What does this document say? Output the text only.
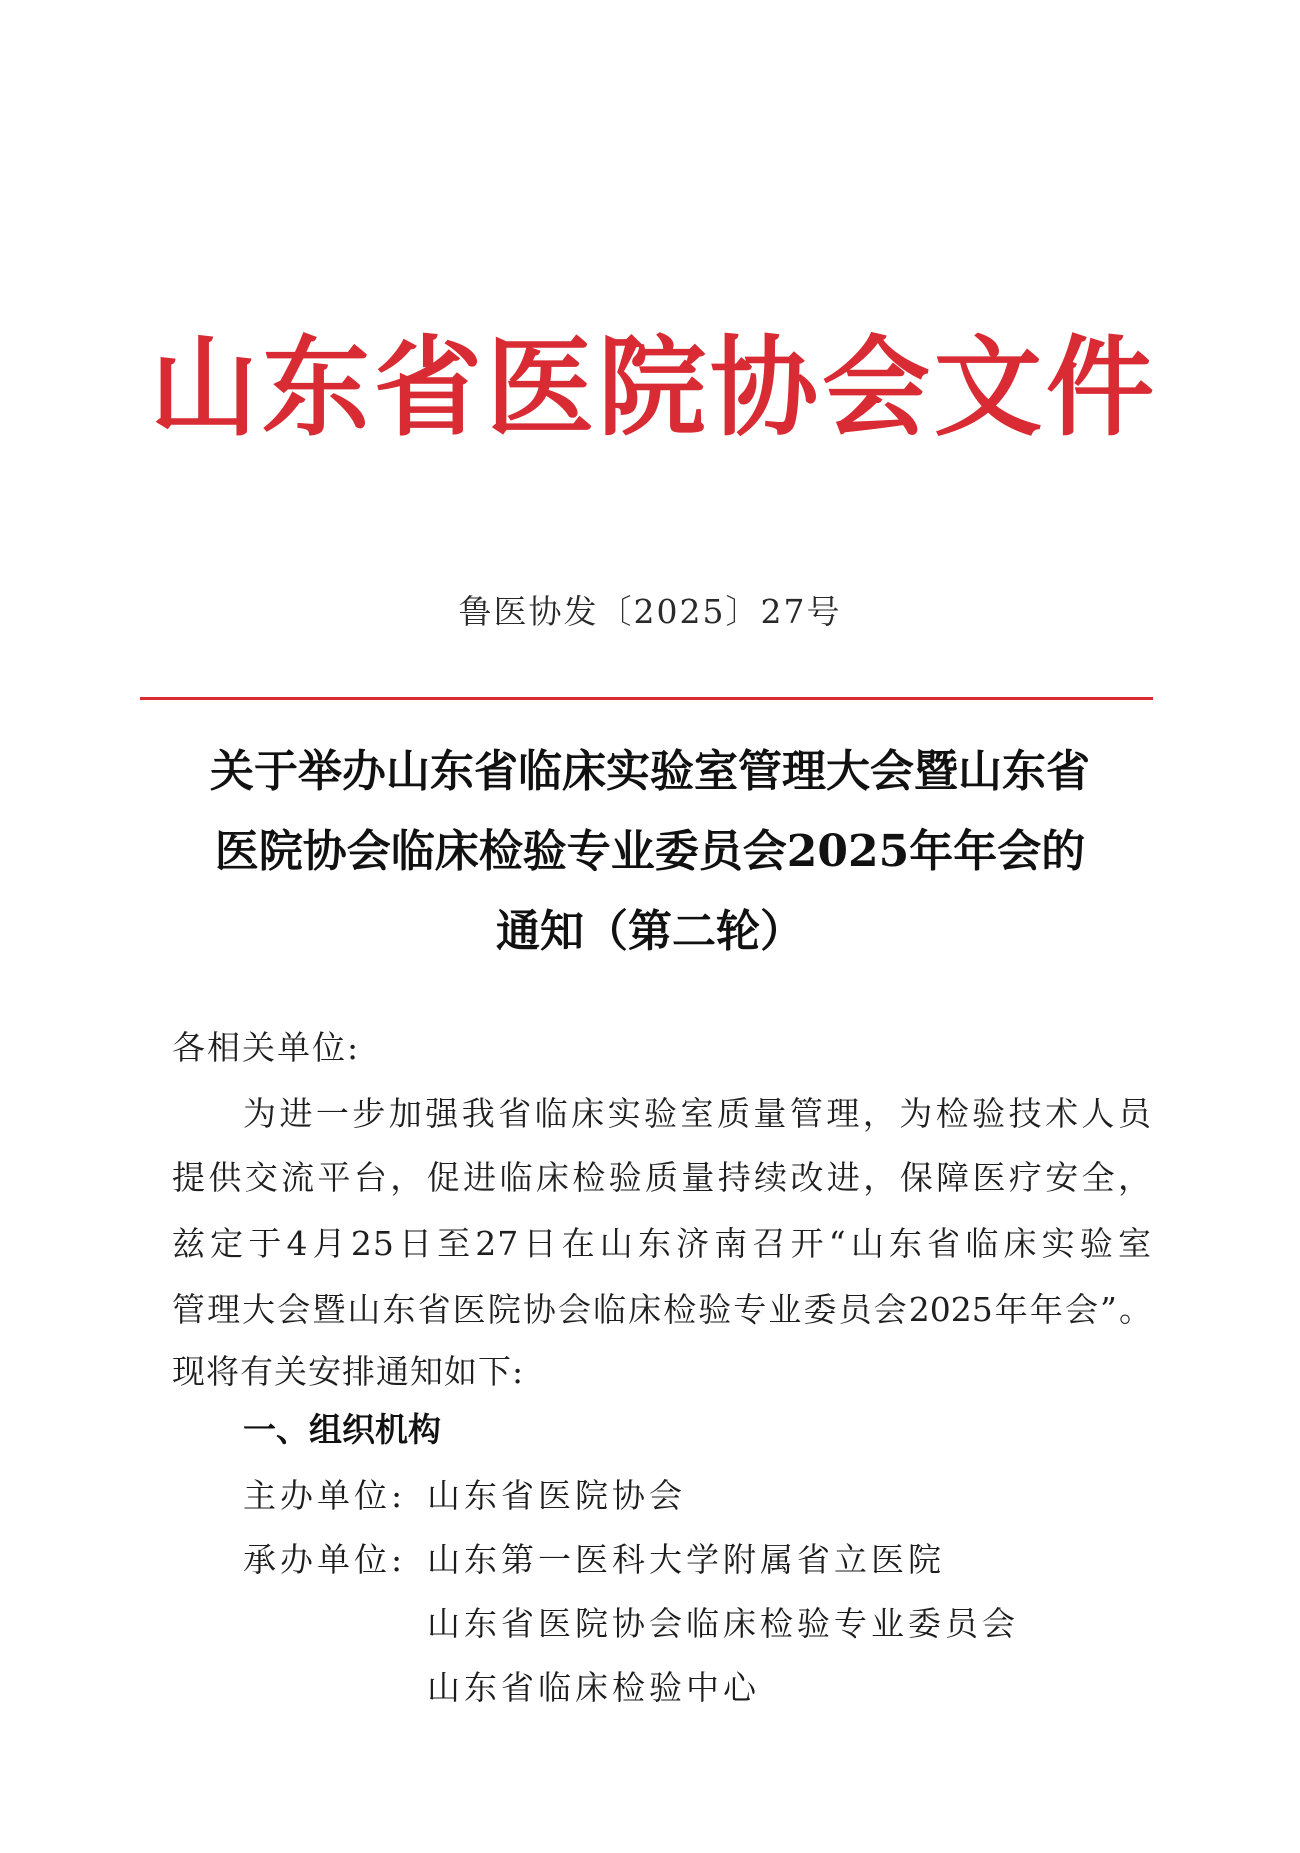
山东省医院协会文件
鲁医协发〔2025〕27号
关于举办山东省临床实验室管理大会暨山东省
医院协会临床检验专业委员会2025年年会的
通知（第二轮）
各相关单位:
为进一步加强我省临床实验室质量管理，为检验技术人员
提供交流平台，促进临床检验质量持续改进，保障医疗安全，
兹定于4月25日至27日在山东济南召开“山东省临床实验室
管理大会暨山东省医院协会临床检验专业委员会2025年年会”。
现将有关安排通知如下:
一、组织机构
主办单位: 山东省医院协会
承办单位: 山东第一医科大学附属省立医院
山东省医院协会临床检验专业委员会
山东省临床检验中心
